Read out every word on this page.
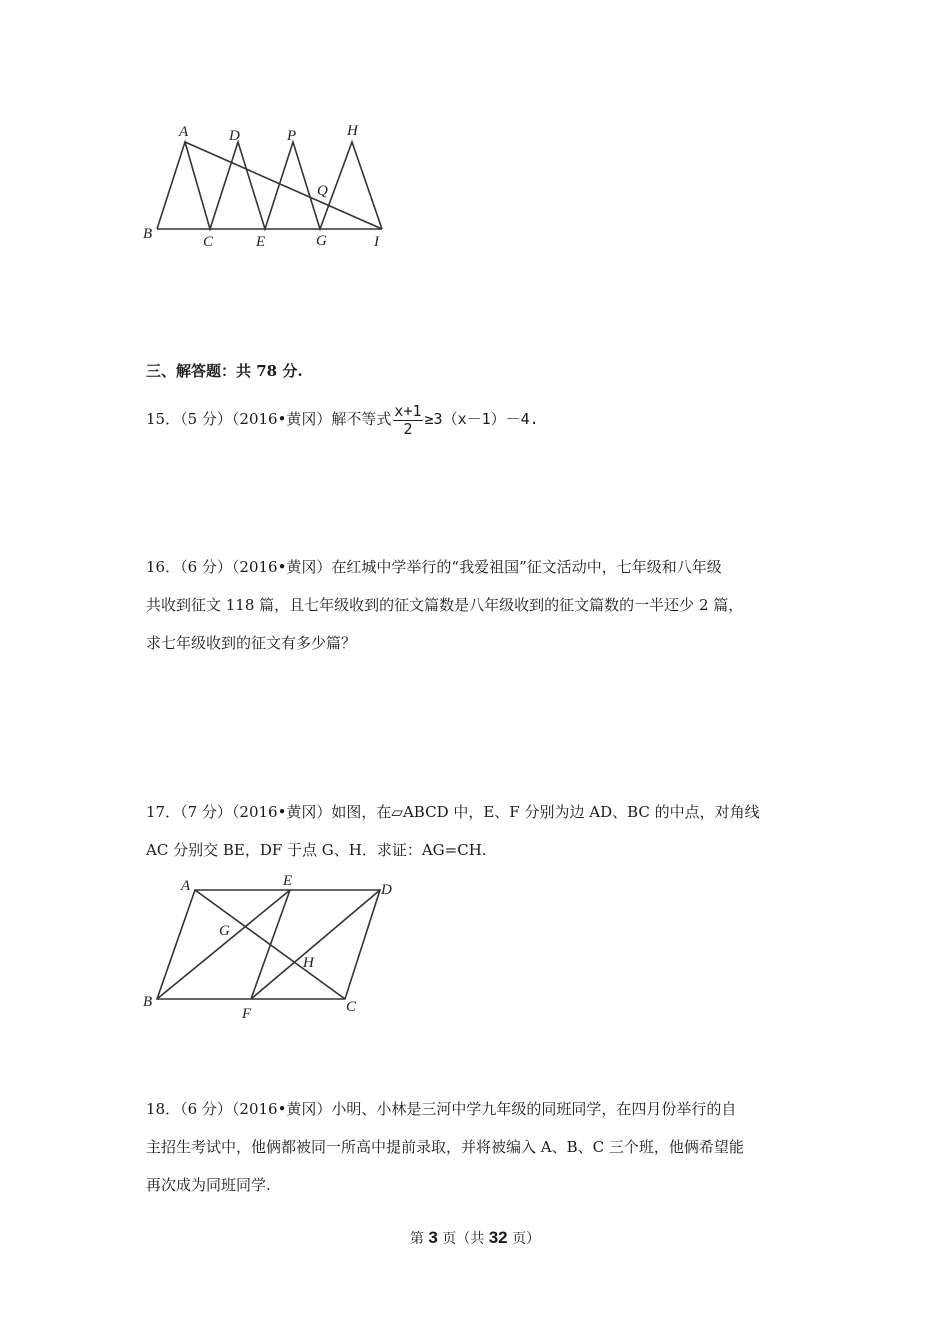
A
B	C
D
E
P
Q
G
H
I
三、解答题：共 78 分.

15．（5 分）（2016•黄冈）解不等式 $\frac{x+1}{2} \ge 3(x-1)-4$.

16．（6 分）（2016•黄冈）在红城中学举行的“我爱祖国”征文活动中，七年级和八年级

共收到征文 118 篇，且七年级收到的征文篇数是八年级收到的征文篇数的一半还少 2 篇，

求七年级收到的征文有多少篇？

17．（7 分）（2016•黄冈）如图，在▱ABCD 中，E、F 分别为边 AD、BC 的中点，对角线

AC 分别交 BE，DF 于点 G、H．求证：AG=CH.

A	E
D
G
H
B
F	C

18．（6 分）（2016•黄冈）小明、小林是三河中学九年级的同班同学，在四月份举行的自

主招生考试中，他俩都被同一所高中提前录取，并将被编入 A、B、C 三个班，他俩希望能

再次成为同班同学.

第 3 页（共 32 页）
